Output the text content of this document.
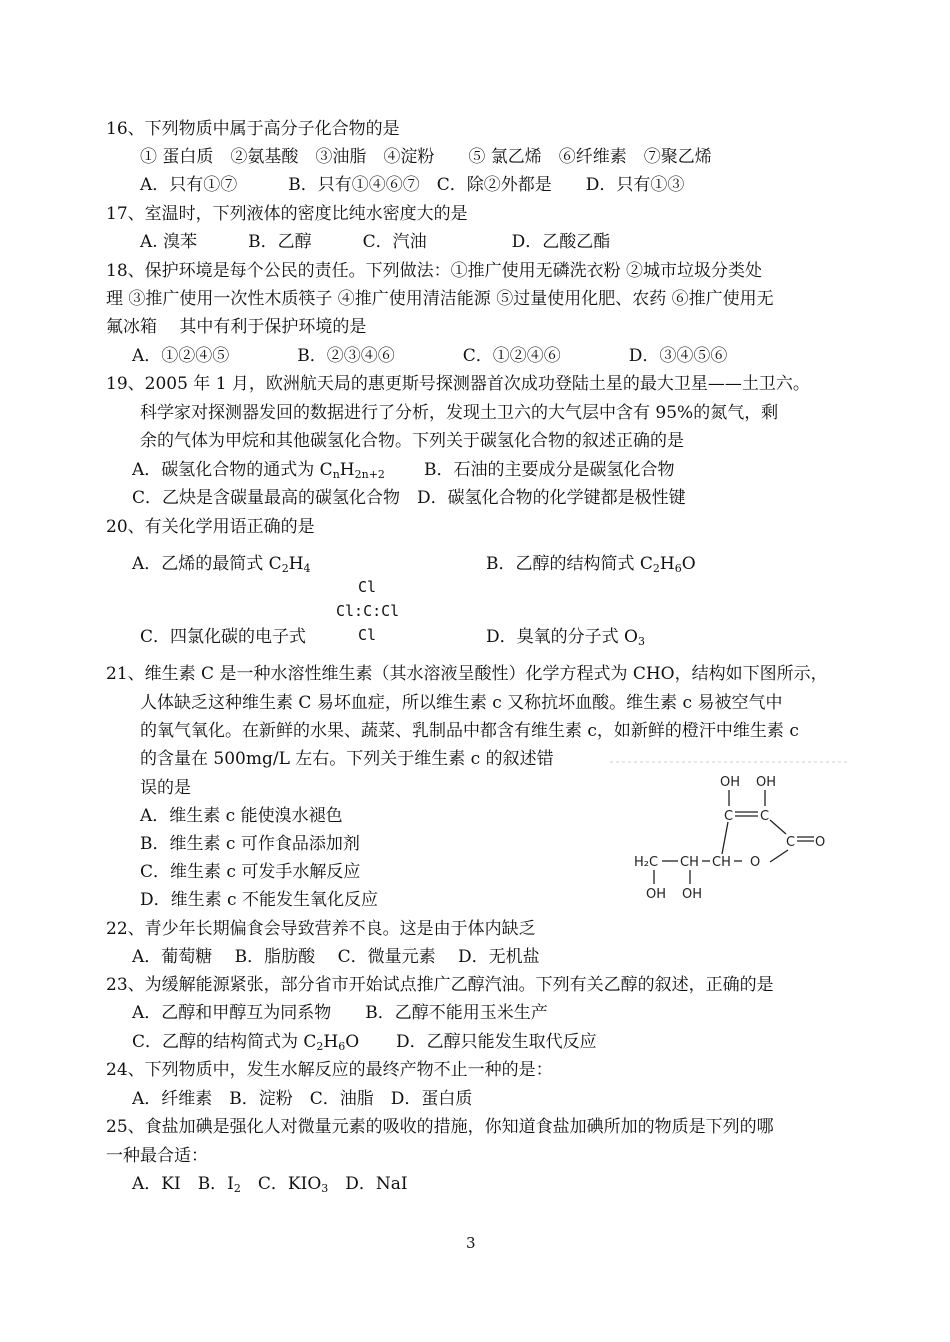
16、下列物质中属于高分子化合物的是
① 蛋白质　②氨基酸　③油脂　④淀粉　　⑤ 氯乙烯　⑥纤维素　⑦聚乙烯
A．只有①⑦　　　B．只有①④⑥⑦　C．除②外都是　　D．只有①③
17、室温时，下列液体的密度比纯水密度大的是
A. 溴苯　　　B．乙醇　　　C．汽油　　　　　D．乙酸乙酯
18、保护环境是每个公民的责任。下列做法：①推广使用无磷洗衣粉 ②城市垃圾分类处
理 ③推广使用一次性木质筷子 ④推广使用清洁能源 ⑤过量使用化肥、农药 ⑥推广使用无
氟冰箱　 其中有利于保护环境的是
A．①②④⑤　　　　B．②③④⑥　　　　C．①②④⑥　　　　D．③④⑤⑥
19、2005 年 1 月，欧洲航天局的惠更斯号探测器首次成功登陆土星的最大卫星——土卫六。
科学家对探测器发回的数据进行了分析，发现土卫六的大气层中含有 95%的氮气，剩
余的气体为甲烷和其他碳氢化合物。下列关于碳氢化合物的叙述正确的是
A．碳氢化合物的通式为 $C_nH_{2n+2}$ B．石油的主要成分是碳氢化合物
C．乙炔是含碳量最高的碳氢化合物　D．碳氢化合物的化学键都是极性键
20、有关化学用语正确的是
A．乙烯的最简式 $C_2H_4$	B．乙醇的结构简式 $C_2H_6O$
Cl
Cl:C:Cl
Cl
C．四氯化碳的电子式	D．臭氧的分子式 $O_3$
21、维生素 C 是一种水溶性维生素（其水溶液呈酸性）化学方程式为 CHO，结构如下图所示，
人体缺乏这种维生素 C 易坏血症，所以维生素 c 又称抗坏血酸。维生素 c 易被空气中
的氧气氧化。在新鲜的水果、蔬菜、乳制品中都含有维生素 c，如新鲜的橙汗中维生素 c
的含量在 500mg/L 左右。下列关于维生素 c 的叙述错
误的是
A．维生素 c 能使溴水褪色
B．维生素 c 可作食品添加剂
C．维生素 c 可发手水解反应
D．维生素 c 不能发生氧化反应
OH OH
C C
C O
H₂C CH CH O
OH OH
22、青少年长期偏食会导致营养不良。这是由于体内缺乏
A．葡萄糖　 B．脂肪酸　 C．微量元素　 D．无机盐
23、为缓解能源紧张，部分省市开始试点推广乙醇汽油。下列有关乙醇的叙述，正确的是
A．乙醇和甲醇互为同系物　　B．乙醇不能用玉米生产
C．乙醇的结构简式为 $C_2H_6O$ D．乙醇只能发生取代反应
24、下列物质中，发生水解反应的最终产物不止一种的是：
A．纤维素　B．淀粉　C．油脂　D．蛋白质
25、食盐加碘是强化人对微量元素的吸收的措施，你知道食盐加碘所加的物质是下列的哪
一种最合适：
A．KI　B．$I_2$　C．$KIO_3$　D．NaI
3
